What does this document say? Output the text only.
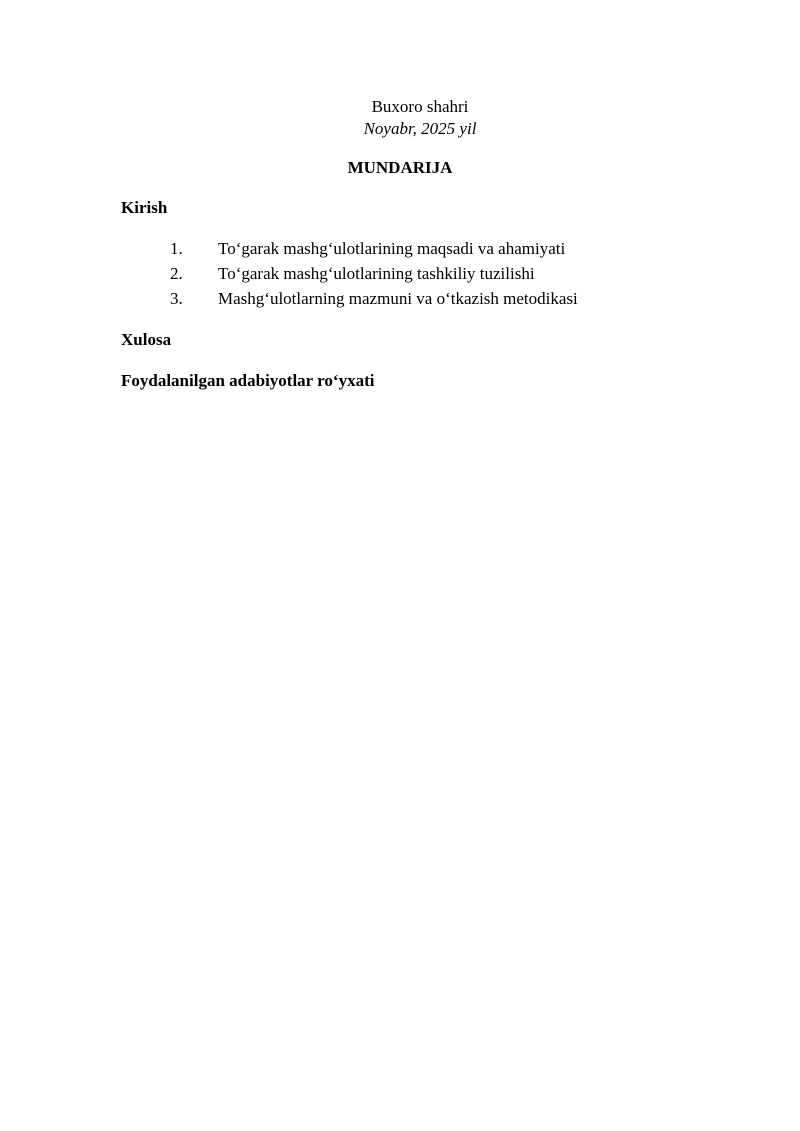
Buxoro shahri
Noyabr, 2025 yil
MUNDARIJA
Kirish
1.	To‘garak mashg‘ulotlarining maqsadi va ahamiyati
2.	To‘garak mashg‘ulotlarining tashkiliy tuzilishi
3.	Mashg‘ulotlarning mazmuni va o‘tkazish metodikasi
Xulosa
Foydalanilgan adabiyotlar ro‘yxati
